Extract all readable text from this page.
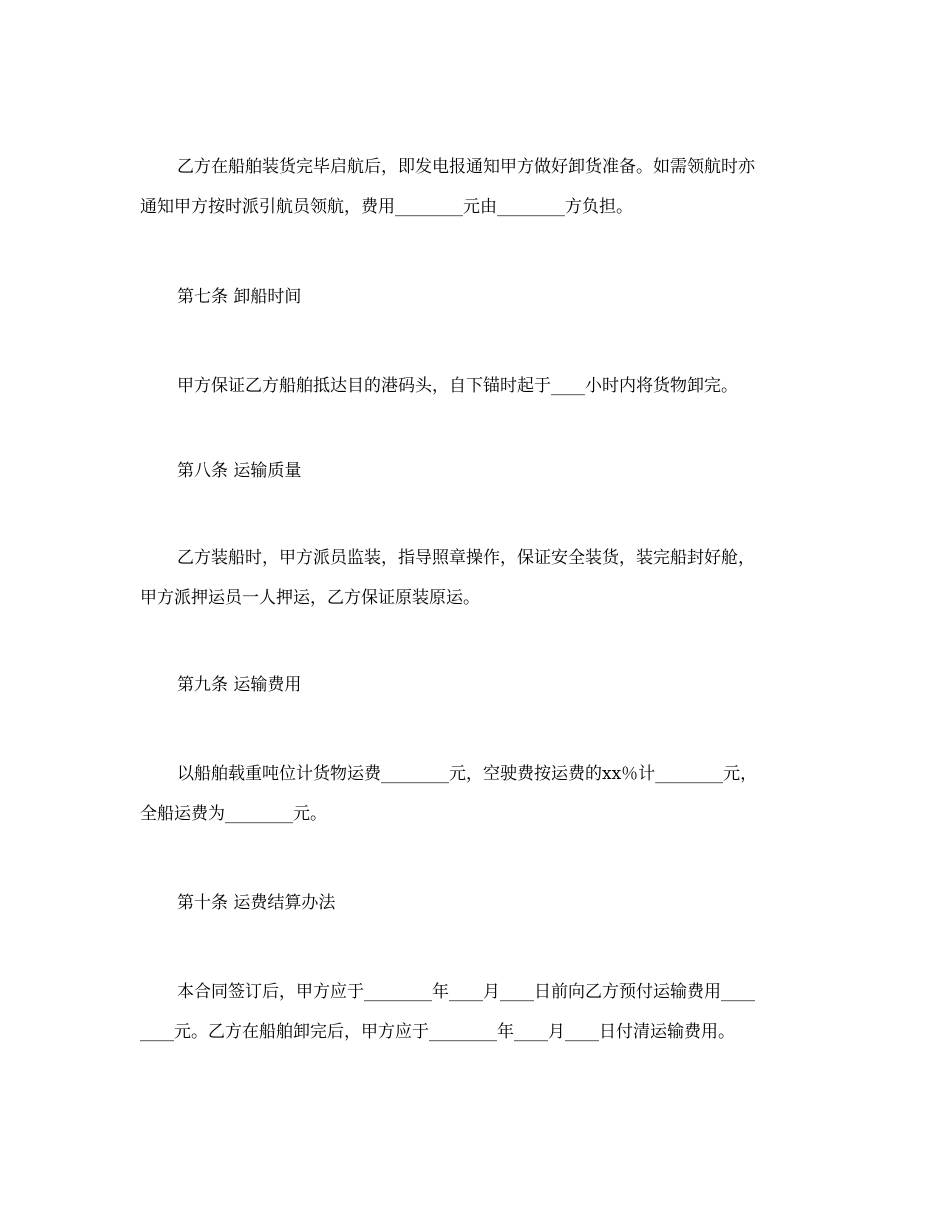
乙方在船舶装货完毕启航后，即发电报通知甲方做好卸货准备。如需领航时亦
通知甲方按时派引航员领航，费用________元由________方负担。
第七条 卸船时间
甲方保证乙方船舶抵达目的港码头，自下锚时起于____小时内将货物卸完。
第八条 运输质量
乙方装船时，甲方派员监装，指导照章操作，保证安全装货，装完船封好舱，
甲方派押运员一人押运，乙方保证原装原运。
第九条 运输费用
以船舶载重吨位计货物运费________元，空驶费按运费的xx％计________元，
全船运费为________元。
第十条 运费结算办法
本合同签订后，甲方应于________年____月____日前向乙方预付运输费用____
____元。乙方在船舶卸完后，甲方应于________年____月____日付清运输费用。
